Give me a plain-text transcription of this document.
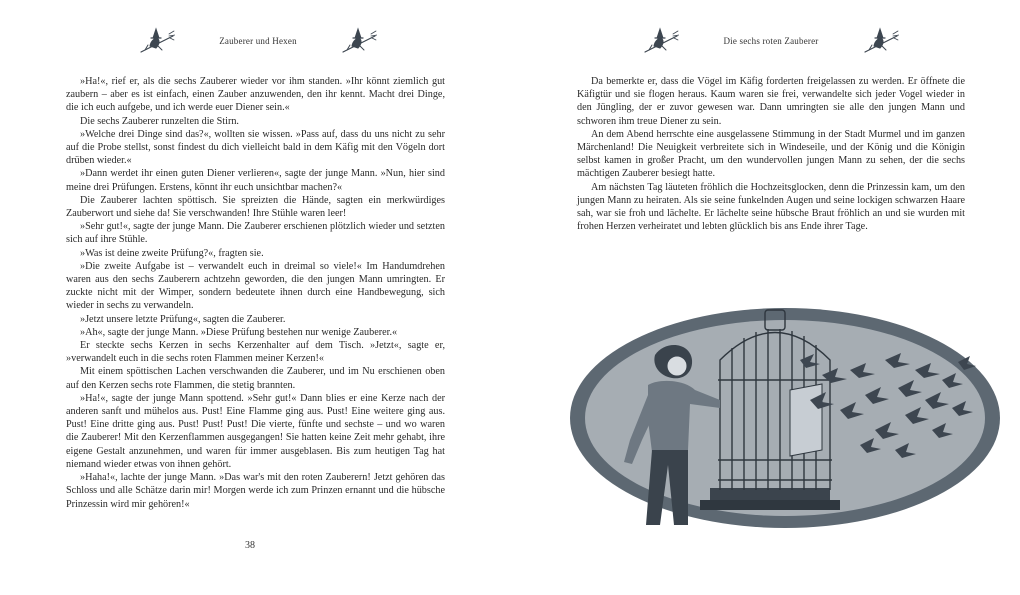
Zauberer und Hexen

»Ha!«, rief er, als die sechs Zauberer wieder vor ihm standen. »Ihr könnt ziemlich gut zaubern – aber es ist einfach, einen Zauber anzuwenden, den ihr kennt. Macht drei Dinge, die ich euch aufgebe, und ich werde euer Diener sein.«

Die sechs Zauberer runzelten die Stirn.

»Welche drei Dinge sind das?«, wollten sie wissen. »Pass auf, dass du uns nicht zu sehr auf die Probe stellst, sonst findest du dich vielleicht bald in dem Käfig mit den Vögeln dort drüben wieder.«

»Dann werdet ihr einen guten Diener verlieren«, sagte der junge Mann. »Nun, hier sind meine drei Prüfungen. Erstens, könnt ihr euch unsichtbar machen?«

Die Zauberer lachten spöttisch. Sie spreizten die Hände, sagten ein merkwürdiges Zauberwort und siehe da! Sie verschwanden! Ihre Stühle waren leer!

»Sehr gut!«, sagte der junge Mann. Die Zauberer erschienen plötzlich wieder und setzten sich auf ihre Stühle.

»Was ist deine zweite Prüfung?«, fragten sie.

»Die zweite Aufgabe ist – verwandelt euch in dreimal so viele!« Im Handumdrehen waren aus den sechs Zauberern achtzehn geworden, die den jungen Mann umringten. Er zuckte nicht mit der Wimper, sondern bedeutete ihnen durch eine Handbewegung, sich wieder in sechs zu verwandeln.

»Jetzt unsere letzte Prüfung«, sagten die Zauberer.

»Ah«, sagte der junge Mann. »Diese Prüfung bestehen nur wenige Zauberer.«

Er steckte sechs Kerzen in sechs Kerzenhalter auf dem Tisch. »Jetzt«, sagte er, »verwandelt euch in die sechs roten Flammen meiner Kerzen!«

Mit einem spöttischen Lachen verschwanden die Zauberer, und im Nu erschienen oben auf den Kerzen sechs rote Flammen, die stetig brannten.

»Ha!«, sagte der junge Mann spottend. »Sehr gut!« Dann blies er eine Kerze nach der anderen sanft und mühelos aus. Pust! Eine Flamme ging aus. Pust! Eine weitere ging aus. Pust! Eine dritte ging aus. Pust! Pust! Pust! Die vierte, fünfte und sechste – und wo waren die Zauberer! Mit den Kerzenflammen ausgegangen! Sie hatten keine Zeit mehr gehabt, ihre eigene Gestalt anzunehmen, und waren für immer ausgeblasen. Bis zum heutigen Tag hat niemand wieder etwas von ihnen gehört.

»Haha!«, lachte der junge Mann. »Das war's mit den roten Zauberern! Jetzt gehören das Schloss und alle Schätze darin mir! Morgen werde ich zum Prinzen ernannt und die hübsche Prinzessin wird mir gehören!«

38
Die sechs roten Zauberer

Da bemerkte er, dass die Vögel im Käfig forderten freigelassen zu werden. Er öffnete die Käfigtür und sie flogen heraus. Kaum waren sie frei, verwandelte sich jeder Vogel wieder in den Jüngling, der er zuvor gewesen war. Dann umringten sie alle den jungen Mann und schworen ihm treue Diener zu sein.

An dem Abend herrschte eine ausgelassene Stimmung in der Stadt Murmel und im ganzen Märchenland! Die Neuigkeit verbreitete sich in Windeseile, und der König und die Königin selbst kamen in großer Pracht, um den wundervollen jungen Mann zu sehen, der die sechs mächtigen Zauberer besiegt hatte.

Am nächsten Tag läuteten fröhlich die Hochzeitsglocken, denn die Prinzessin kam, um den jungen Mann zu heiraten. Als sie seine funkelnden Augen und seine lockigen schwarzen Haare sah, war sie froh und lächelte. Er lächelte seine hübsche Braut fröhlich an und sie wurden mit frohen Herzen verheiratet und lebten glücklich bis ans Ende ihrer Tage.
